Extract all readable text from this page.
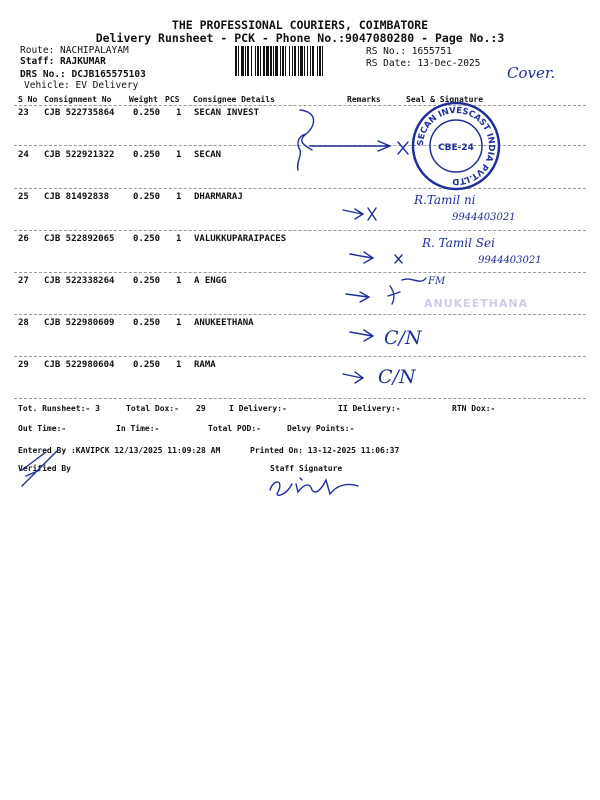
THE PROFESSIONAL COURIERS, COIMBATORE
Delivery Runsheet - PCK - Phone No.:9047080280 - Page No.:3
Route: NACHIPALAYAM
Staff: RAJKUMAR
DRS No.: DCJB165575103
Vehicle: EV Delivery
RS No.: 1655751
RS Date: 13-Dec-2025
S No Consignment No Weight PCS Consignee Details	Remarks	Seal & Signature
23 CJB 522735864 0.250 1 SECAN INVEST
24 CJB 522921322 0.250 1 SECAN
25 CJB 81492838	0.250 1 DHARMARAJ
26 CJB 522892065 0.250 1 VALUKKUPARAIPACES
27 CJB 522338264 0.250 1 A ENGG
28 CJB 522980609 0.250 1 ANUKEETHANA
29 CJB 522980604 0.250 1 RAMA
Tot. Runsheet:- 3	Total Dox:- 29	I Delivery:-	II Delivery:-	RTN Dox:-
Out Time:-	In Time:-	Total POD:-	Delvy Points:-
Entered By :KAVIPCK 12/13/2025 11:09:28 AM	Printed On: 13-12-2025 11:06:37
Verified By	Staff Signature
Cover.
SECAN INVESCAST INDIA PVT.LTD
CBE-24
R.Tamil ni
9944403021
R. Tamil Sei
9944403021
FM
ANUKEETHANA
C/N
C/N
